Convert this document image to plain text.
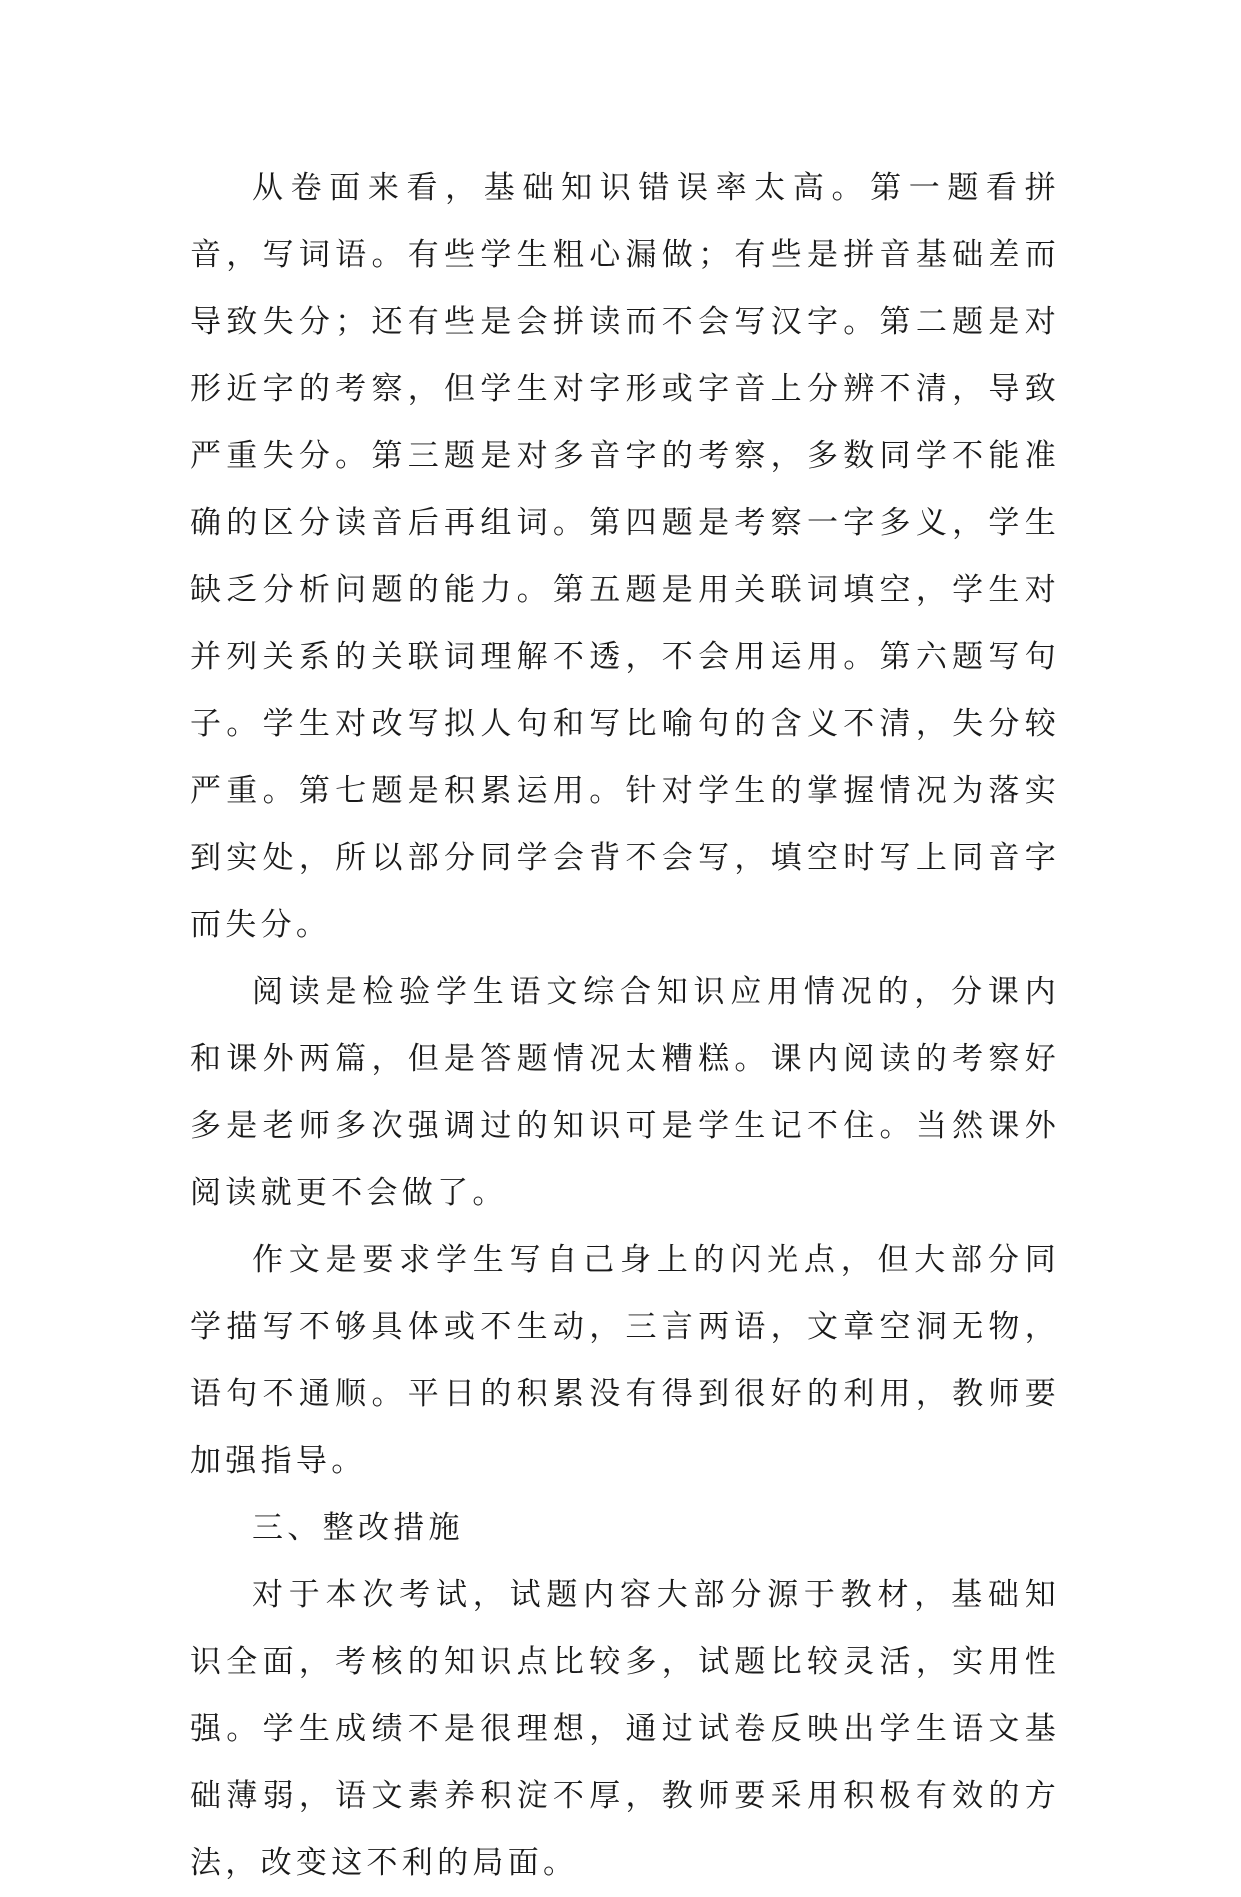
从卷面来看，基础知识错误率太高。第一题看拼音，写词语。有些学生粗心漏做；有些是拼音基础差而导致失分；还有些是会拼读而不会写汉字。第二题是对形近字的考察，但学生对字形或字音上分辨不清，导致严重失分。第三题是对多音字的考察，多数同学不能准确的区分读音后再组词。第四题是考察一字多义，学生缺乏分析问题的能力。第五题是用关联词填空，学生对并列关系的关联词理解不透，不会用运用。第六题写句子。学生对改写拟人句和写比喻句的含义不清，失分较严重。第七题是积累运用。针对学生的掌握情况为落实到实处，所以部分同学会背不会写，填空时写上同音字而失分。

阅读是检验学生语文综合知识应用情况的，分课内和课外两篇，但是答题情况太糟糕。课内阅读的考察好多是老师多次强调过的知识可是学生记不住。当然课外阅读就更不会做了。

作文是要求学生写自己身上的闪光点，但大部分同学描写不够具体或不生动，三言两语，文章空洞无物，语句不通顺。平日的积累没有得到很好的利用，教师要加强指导。

三、整改措施

对于本次考试，试题内容大部分源于教材，基础知识全面，考核的知识点比较多，试题比较灵活，实用性强。学生成绩不是很理想，通过试卷反映出学生语文基础薄弱，语文素养积淀不厚，教师要采用积极有效的方法，改变这不利的局面。
